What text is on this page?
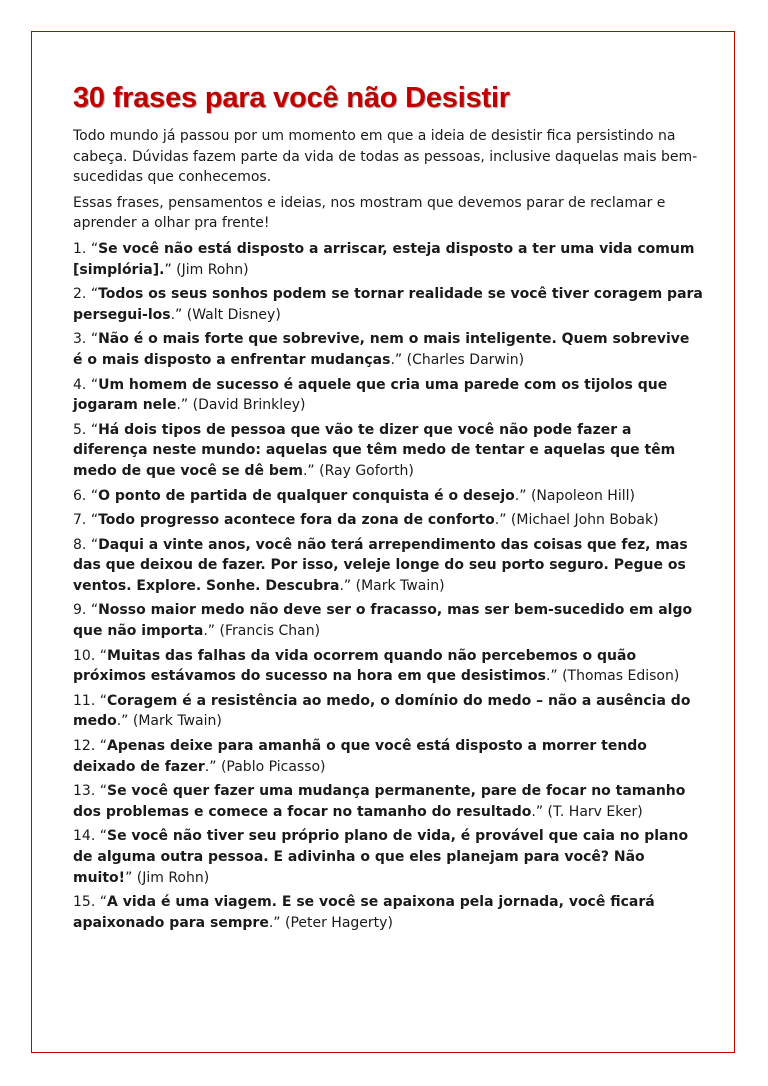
30 frases para você não Desistir

Todo mundo já passou por um momento em que a ideia de desistir fica persistindo na cabeça. Dúvidas fazem parte da vida de todas as pessoas, inclusive daquelas mais bem-sucedidas que conhecemos.

Essas frases, pensamentos e ideias, nos mostram que devemos parar de reclamar e aprender a olhar pra frente!

1. “Se você não está disposto a arriscar, esteja disposto a ter uma vida comum [simplória].” (Jim Rohn)

2. “Todos os seus sonhos podem se tornar realidade se você tiver coragem para persegui-los.” (Walt Disney)

3. “Não é o mais forte que sobrevive, nem o mais inteligente. Quem sobrevive é o mais disposto a enfrentar mudanças.” (Charles Darwin)

4. “Um homem de sucesso é aquele que cria uma parede com os tijolos que jogaram nele.” (David Brinkley)

5. “Há dois tipos de pessoa que vão te dizer que você não pode fazer a diferença neste mundo: aquelas que têm medo de tentar e aquelas que têm medo de que você se dê bem.” (Ray Goforth)

6. “O ponto de partida de qualquer conquista é o desejo.” (Napoleon Hill)

7. “Todo progresso acontece fora da zona de conforto.” (Michael John Bobak)

8. “Daqui a vinte anos, você não terá arrependimento das coisas que fez, mas das que deixou de fazer. Por isso, veleje longe do seu porto seguro. Pegue os ventos. Explore. Sonhe. Descubra.” (Mark Twain)

9. “Nosso maior medo não deve ser o fracasso, mas ser bem-sucedido em algo que não importa.” (Francis Chan)

10. “Muitas das falhas da vida ocorrem quando não percebemos o quão próximos estávamos do sucesso na hora em que desistimos.” (Thomas Edison)

11. “Coragem é a resistência ao medo, o domínio do medo – não a ausência do medo.” (Mark Twain)

12. “Apenas deixe para amanhã o que você está disposto a morrer tendo deixado de fazer.” (Pablo Picasso)

13. “Se você quer fazer uma mudança permanente, pare de focar no tamanho dos problemas e comece a focar no tamanho do resultado.” (T. Harv Eker)

14. “Se você não tiver seu próprio plano de vida, é provável que caia no plano de alguma outra pessoa. E adivinha o que eles planejam para você? Não muito!” (Jim Rohn)

15. “A vida é uma viagem. E se você se apaixona pela jornada, você ficará apaixonado para sempre.” (Peter Hagerty)
